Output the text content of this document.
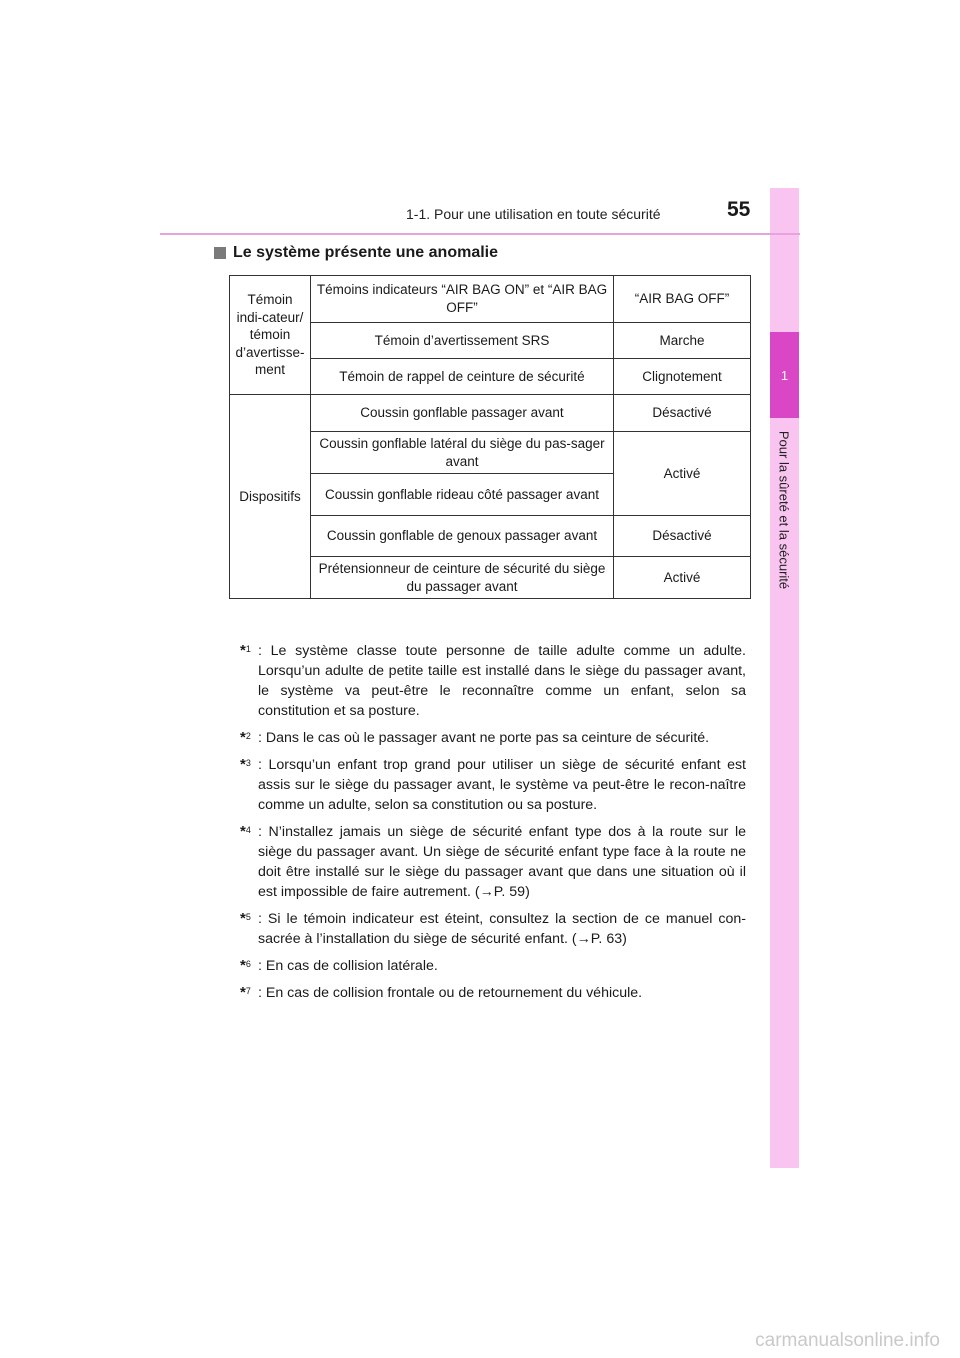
1
Pour la sûreté et la sécurité
1-1. Pour une utilisation en toute sécurité	55
Le système présente une anomalie
Témoin indi-cateur/ témoin d’avertisse-ment	Témoins indicateurs “AIR BAG ON” et “AIR BAG OFF”	“AIR BAG OFF”
	Témoin d’avertissement SRS	Marche
	Témoin de rappel de ceinture de sécurité	Clignotement
Dispositifs	Coussin gonflable passager avant	Désactivé
	Coussin gonflable latéral du siège du pas-sager avant	Activé
	Coussin gonflable rideau côté passager avant	
	Coussin gonflable de genoux passager avant	Désactivé
	Prétensionneur de ceinture de sécurité du siège du passager avant	Activé
*$^1$ : Le système classe toute personne de taille adulte comme un adulte. Lorsqu’un adulte de petite taille est installé dans le siège du passager avant, le système va peut-être le reconnaître comme un enfant, selon sa constitution et sa posture.
*$^2$ : Dans le cas où le passager avant ne porte pas sa ceinture de sécurité.
*$^3$ : Lorsqu’un enfant trop grand pour utiliser un siège de sécurité enfant est assis sur le siège du passager avant, le système va peut-être le recon-naître comme un adulte, selon sa constitution ou sa posture.
*$^4$ : N’installez jamais un siège de sécurité enfant type dos à la route sur le siège du passager avant. Un siège de sécurité enfant type face à la route ne doit être installé sur le siège du passager avant que dans une situation où il est impossible de faire autrement. (→P. 59)
*$^5$ : Si le témoin indicateur est éteint, consultez la section de ce manuel con-sacrée à l’installation du siège de sécurité enfant. (→P. 63)
*$^6$ : En cas de collision latérale.
*$^7$ : En cas de collision frontale ou de retournement du véhicule.
carmanualsonline.info
